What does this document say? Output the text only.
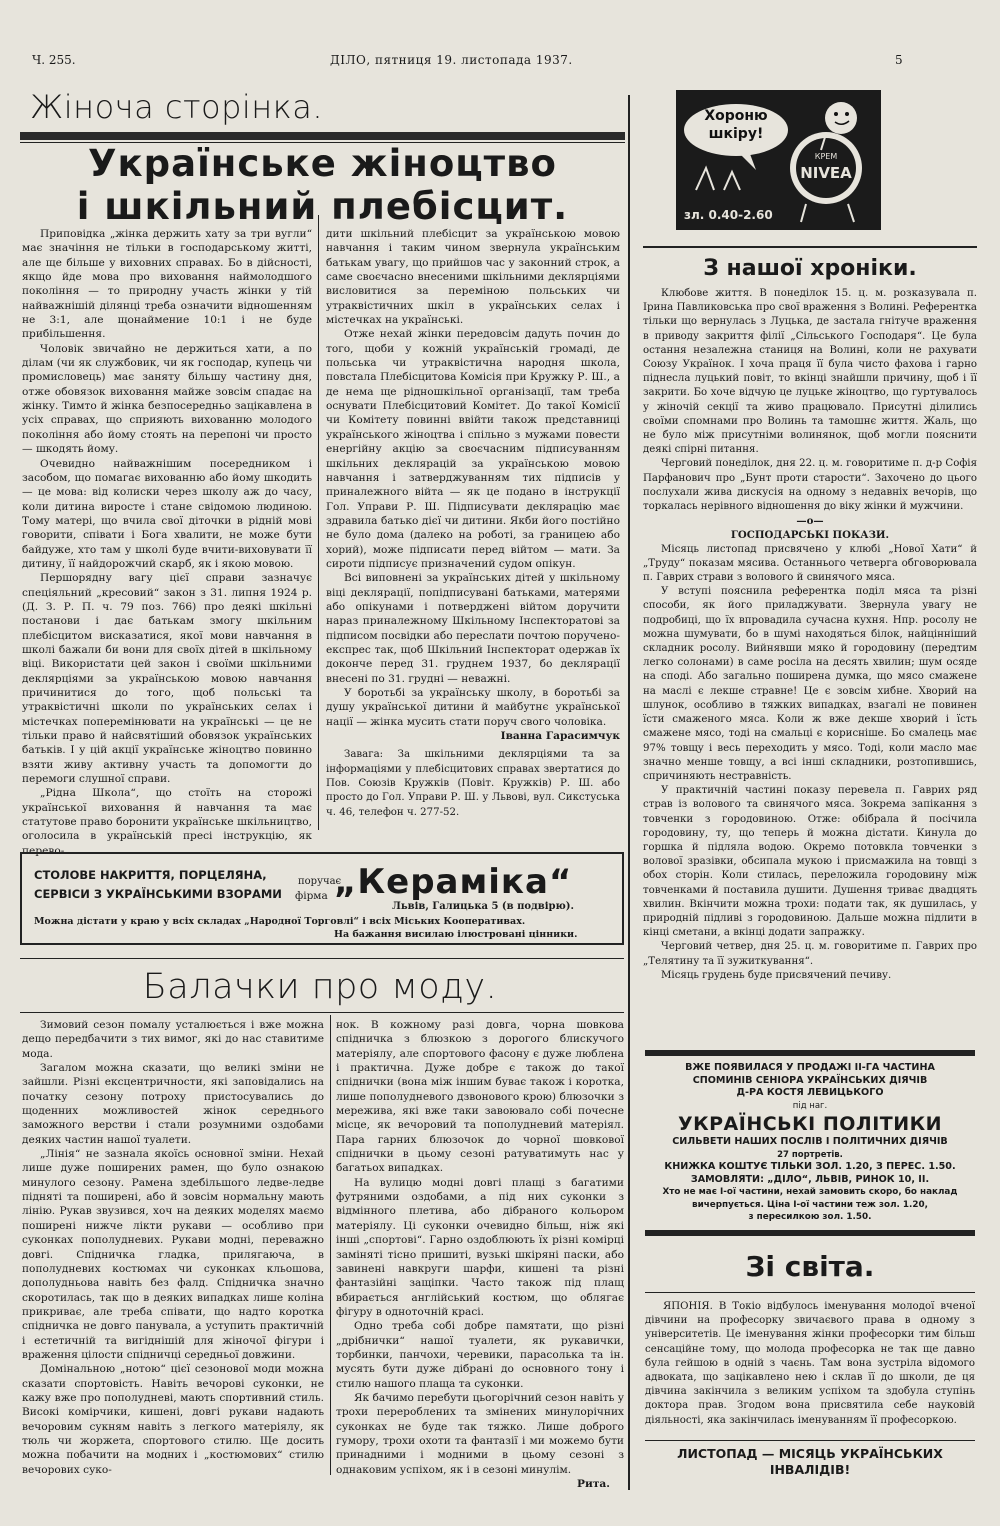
Ч. 255.	ДІЛО, пятниця 19. листопада 1937.	5
Жіноча сторінка.
Українське жіноцтво
і шкільний плебісцит.

Приповідка „жінка держить хату за три вугли“ має значіння не тільки в господарському житті, але ще більше у виховних справах. Бо в дійсності, якщо йде мова про виховання наймолодшого покоління — то природну участь жінки у тій найважнішій ділянці треба означити відношенням не 3:1, але щонаймение 10:1 і не буде прибільшення.

Чоловік звичайно не держиться хати, а по ділам (чи як службовик, чи як господар, купець чи промисловець) має заняту більшу частину дня, отже обовязок виховання майже зовсім спадає на жінку. Тимто й жінка безпосередньо зацікавлена в усіх справах, що сприяють вихованню молодого покоління або йому стоять на перепоні чи просто — шкодять йому.

Очевидно найважнішим посередником і засобом, що помагає вихованню або йому шкодить — це мова: від колиски через школу аж до часу, коли дитина виросте і стане свідомою людиною. Тому матері, що вчила свої діточки в рідній мові говорити, співати і Бога хвалити, не може бути байдуже, хто там у школі буде вчити-виховувати її дитину, її найдорожчий скарб, як і якою мовою.

Першорядну вагу цієї справи зазначує спеціяльний „кресовий“ закон з 31. липня 1924 р. (Д. З. Р. П. ч. 79 поз. 766) про деякі шкільні постанови і дає батькам змогу шкільним плебісцитом висказатися, якої мови навчання в школі бажали би вони для своїх дітей в шкільному віці. Використати цей закон і своїми шкільними деклярціями за українською мовою навчання причинитися до того, щоб польські та утраквістичні школи по українських селах і містечках поперемінювати на українські — це не тільки право й найсвятіший обовязок українських батьків. І у цій акції українське жіноцтво повинно взяти живу активну участь та допомогти до перемоги слушної справи.

„Рідна Школа“, що стоїть на сторожі української виховання й навчання та має статутове право боронити українське шкільництво, оголосила в українській пресі інструкцію, як перево-

дити шкільний плебісцит за українською мовою навчання і таким чином звернула українським батькам увагу, що прийшов час у законний строк, а саме своєчасно внесеними шкільними деклярціями висловитися за переміною польських чи утраквістичних шкіл в українських селах і містечках на українські.

Отже нехай жінки передовсім дадуть почин до того, щоби у кожній українській громаді, де польська чи утраквістична народня школа, повстала Плебісцитова Комісія при Кружку Р. Ш., а де нема ще рідношкільної організації, там треба оснувати Плебісцитовий Комітет. До такої Комісії чи Комітету повинні ввійти також представниці українського жіноцтва і спільно з мужами повести енергійну акцію за своєчасним підписуванням шкільних деклярацій за українською мовою навчання і затверджуванням тих підписів у приналежного війта — як це подано в інструкції Гол. Управи Р. Ш. Підписувати деклярацію має здравила батько дієї чи дитини. Якби його постійно не було дома (далеко на роботі, за границею або хорий), може підписати перед війтом — мати. За сироти підписує призначений судом опікун.

Всі виповнені за українських дітей у шкільному віці деклярації, попідписувані батьками, матерями або опікунами і потверджені війтом доручити нараз приналежному Шкільному Інспекторатові за підписом посвідки або переслати почтою поручено-експрес так, щоб Шкільний Інспекторат одержав їх доконче перед 31. груднем 1937, бо деклярації внесені по 31. грудні — неважні.

У боротьбі за українську школу, в боротьбі за душу української дитини й майбутнє української нації — жінка мусить стати поруч свого чоловіка.

Іванна Гарасимчук

Завага: За шкільними деклярціями та за інформаціями у плебісцитових справах звертатися до Пов. Союзів Кружків (Повіт. Кружків) Р. Ш. або просто до Гол. Управи Р. Ш. у Львові, вул. Сикстуська ч. 46, телефон ч. 277-52.

СТОЛОВЕ НАКРИТТЯ, ПОРЦЕЛЯНА,
СЕРВІСИ З УКРАЇНСЬКИМИ ВЗОРАМИ
поручає
фірма „Кераміка“
Львів, Галицька 5 (в подвірю).
Можна дістати у краю у всіх складах „Народної Торговлі“ і всіх Міських Кооперативах.
На бажання висилаю ілюстровані цінники.
Балачки про моду.

Зимовий сезон помалу усталюється і вже можна дещо передбачити з тих вимог, які до нас ставитиме мода.

Загалом можна сказати, що великі зміни не зайшли. Різні ексцентричности, які заповідались на початку сезону потроху пристосувались до щоденних можливостей жінок середнього заможного верстви і стали розумними оздобами деяких частин нашої туалети.

„Лінія“ не зазнала якоїсь основної зміни. Нехай лише дуже поширених рамен, що було ознакою минулого сезону. Рамена здебільшого ледве-ледве підняті та поширені, або й зовсім нормальну мають лінію. Рукав звузився, хоч на деяких моделях маємо поширені нижче лікти рукави — особливо при суконках пополудневих. Рукави модні, переважно довгі. Спідничка гладка, прилягаюча, в пополудневих костюмах чи суконках кльошова, дополудньова навіть без фалд. Спідничка значно скоротилась, так що в деяких випадках лише коліна прикриває, але треба співати, що надто коротка спідничка не довго панувала, а уступить практичній і естетичній та вигіднішій для жіночої фігури і враження цілости спідничці середньої довжини.

Домінальною „нотою“ цієї сезонової моди можна сказати спортовість. Навіть вечорові суконки, не кажу вже про пополудневі, мають спортивний стиль. Високі комірчики, кишені, довгі рукави надають вечоровим сукням навіть з легкого матеріялу, як тюль чи жоржета, спортового стилю. Ще досить можна побачити на модних і „костюмових“ стилю вечорових суко-

нок. В кожному разі довга, чорна шовкова спідничка з блюзкою з дорогого блискучого матеріялу, але спортового фасону є дуже люблена і практична. Дуже добре є також до такої спіднички (вона між іншим буває також і коротка, лише пополудневого дзвонового крою) блюзочки з мережива, які вже таки завоювало собі почесне місце, як вечоровий та пополудневий матеріял. Пара гарних блюзочок до чорної шовкової спіднички в цьому сезоні ратуватимуть нас у багатьох випадках.

На вулицю модні довгі плащі з багатими футряними оздобами, а під них суконки з відмінного плетива, або дібраного кольором матеріялу. Ці суконки очевидно більш, ніж які інші „спортові“. Гарно оздоблюють їх різні комірці заміняті тісно пришиті, вузькі шкіряні паски, або завинені навкруги шарфи, кишені та різні фантазійні защіпки. Часто також під плащ вбирається англійський костюм, що облягає фігуру в одноточній красі.

Одно треба собі добре памятати, що різні „дрібнички“ нашої туалети, як рукавички, торбинки, панчохи, черевики, парасолька та ін. мусять бути дуже дібрані до основного тону і стилю нашого плаща та суконки.

Як бачимо перебути цьогорічний сезон навіть у трохи перероблених та змінених минулорічних суконках не буде так тяжко. Лише доброго гумору, трохи охоти та фантазії і ми можемо бути принадними і модними в цьому сезоні з однаковим успіхом, як і в сезоні минулім.

Рита.
Хороню
шкіру!
КРЕМ
NIVEA
зл. 0.40-2.60
З нашої хроніки.

Клюбове життя. В понеділок 15. ц. м. розказувала п. Ірина Павликовська про свої враження з Волині. Референтка тільки що вернулась з Луцька, де застала гнітуче враження в приводу закриття філії „Сільського Господаря“. Це була остання незалежна станиця на Волині, коли не рахувати Союзу Українок. І хоча праця її була чисто фахова і гарно піднесла луцький повіт, то вкінці знайшли причину, щоб і її закрити. Бо хоче відчую це луцьке жіноцтво, що гуртувалось у жіночій секції та живо працювало. Присутні ділились своїми спомнами про Волинь та тамошнє життя. Жаль, що не було між присутніми волинянок, щоб могли пояснити деякі спірні питання.

Черговий понеділок, дня 22. ц. м. говоритиме п. д-р Софія Парфанович про „Бунт проти старости“. Захочено до цього послухали жива дискусія на одному з недавніх вечорів, що торкалась нерівного відношення до віку жінки й мужчини.

—о—
ГОСПОДАРСЬКІ ПОКАЗИ.

Місяць листопад присвячено у клюбі „Нової Хати“ й „Труду“ показам мясива. Останнього четверга обговорювала п. Гаврих страви з волового й свинячого мяса.

У вступі пояснила референтка поділ мяса та різні способи, як його приладжувати. Звернула увагу не подробиці, що їх впровадила сучасна кухня. Нпр. росолу не можна шумувати, бо в шумі находяться білок, найцінніший складник росолу. Вийнявши мяко й городовину (передтим легко солонами) в саме росіла на десять хвилин; шум осяде на споді. Або загально поширена думка, що мясо смажене на маслі є лекше стравне! Це є зовсім хибне. Хворий на шлунок, особливо в тяжких випадках, взагалі не повинен їсти смаженого мяса. Коли ж вже декше хворий і їсть смажене мясо, тоді на смальці є корисніше. Бо смалець має 97% товщу і весь переходить у мясо. Тоді, коли масло має значно менше товщу, а всі інші складники, розтопившись, спричиняють нестравність.

У практичній частині показу перевела п. Гаврих ряд страв із волового та свинячого мяса. Зокрема запікання з товченки з городовиною. Отже: обібрала й посічила городовину, ту, що теперь й можна дістати. Кинула до горшка й підляла водою. Окремо потовкла товченки з волової зразівки, обсипала мукою і присмажила на товщі з обох сторін. Коли стилась, переложила городовину між товченками й поставила душити. Душення триває двадцять хвилин. Вкінчити можна трохи: подати так, як душилась, у природній підливі з городовиною. Дальше можна підлити в кінці сметани, а вкінці додати запражку.

Черговий четвер, дня 25. ц. м. говоритиме п. Гаврих про „Телятину та її зужиткування“.

Місяць грудень буде присвячений печиву.

ВЖЕ ПОЯВИЛАСЯ У ПРОДАЖІ II-ГА ЧАСТИНА
СПОМИНІВ СЕНІОРА УКРАЇНСЬКИХ ДІЯЧІВ
Д-РА КОСТЯ ЛЕВИЦЬКОГО
під наг.
УКРАЇНСЬКІ ПОЛІТИКИ
СИЛЬВЕТИ НАШИХ ПОСЛІВ І ПОЛІТИЧНИХ ДІЯЧІВ
27 портретів.
КНИЖКА КОШТУЄ ТІЛЬКИ ЗОЛ. 1.20, З ПЕРЕС. 1.50.
ЗАМОВЛЯТИ: „ДІЛО“, ЛЬВІВ, РИНОК 10, II.
Хто не має І-ої частини, нехай замовить скоро, бо наклад вичерпується. Ціна І-ої частини теж зол. 1.20,
з пересилкою зол. 1.50.
Зі світа.

ЯПОНІЯ. В Токіо відбулось іменування молодої вченої дівчини на професорку звичаєвого права в одному з університетів. Це іменування жінки професорки тим більш сенсаційне тому, що молода професорка не так ще давно була гейшою в одній з чаєнь. Там вона зустріла відомого адвоката, що зацікавлено нею і склав її до школи, де ця дівчина закінчила з великим успіхом та здобула ступінь доктора прав. Згодом вона присвятила себе науковій діяльності, яка закінчилась іменуванням її професоркою.

ЛИСТОПАД — МІСЯЦЬ УКРАЇНСЬКИХ ІНВАЛІДІВ!
